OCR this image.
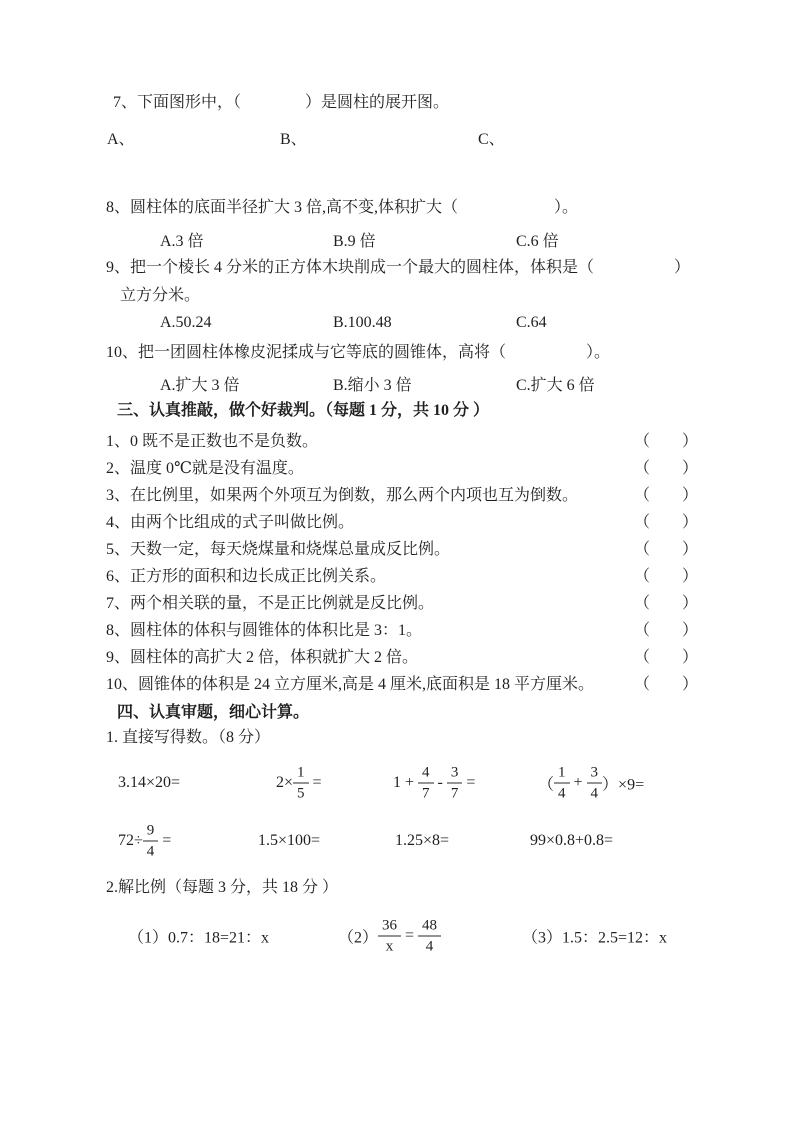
7、下面图形中，（　　　　）是圆柱的展开图。
A、	B、	C、
8、圆柱体的底面半径扩大 3 倍,高不变,体积扩大（　　　　　　）。
A.3 倍	B.9 倍	C.6 倍
9、把一个棱长 4 分米的正方体木块削成一个最大的圆柱体，体积是（　　　　　）
立方分米。
A.50.24	B.100.48	C.64
10、把一团圆柱体橡皮泥揉成与它等底的圆锥体，高将（　　　　　）。
A.扩大 3 倍	B.缩小 3 倍	C.扩大 6 倍
三、认真推敲，做个好裁判。（每题 1 分，共 10 分 ）
1、0 既不是正数也不是负数。	（　　）
2、温度 0℃就是没有温度。	（　　）
3、在比例里，如果两个外项互为倒数，那么两个内项也互为倒数。	（　　）
4、由两个比组成的式子叫做比例。	（　　）
5、天数一定，每天烧煤量和烧煤总量成反比例。	（　　）
6、正方形的面积和边长成正比例关系。	（　　）
7、两个相关联的量，不是正比例就是反比例。	（　　）
8、圆柱体的体积与圆锥体的体积比是 3：1。	（　　）
9、圆柱体的高扩大 2 倍，体积就扩大 2 倍。	（　　）
10、圆锥体的体积是 24 立方厘米,高是 4 厘米,底面积是 18 平方厘米。 （　　）
四、认真审题，细心计算。
1. 直接写得数。（8 分）
3.14×20=	$2\times \frac{1}{5}$ =	$1 + \frac{4}{7} - \frac{3}{7}$ =	（ $\frac{1}{4} + \frac{3}{4} )\times 9=$
$72\div \frac{9}{4}$ =	1.5×100=	1.25×8=	99×0.8+0.8=
2.解比例（每题 3 分，共 18 分 ）
（1）0.7：18=21：x	$(2) \frac{36}{x} = \frac{48}{4}$	（3）1.5：2.5=12：x
